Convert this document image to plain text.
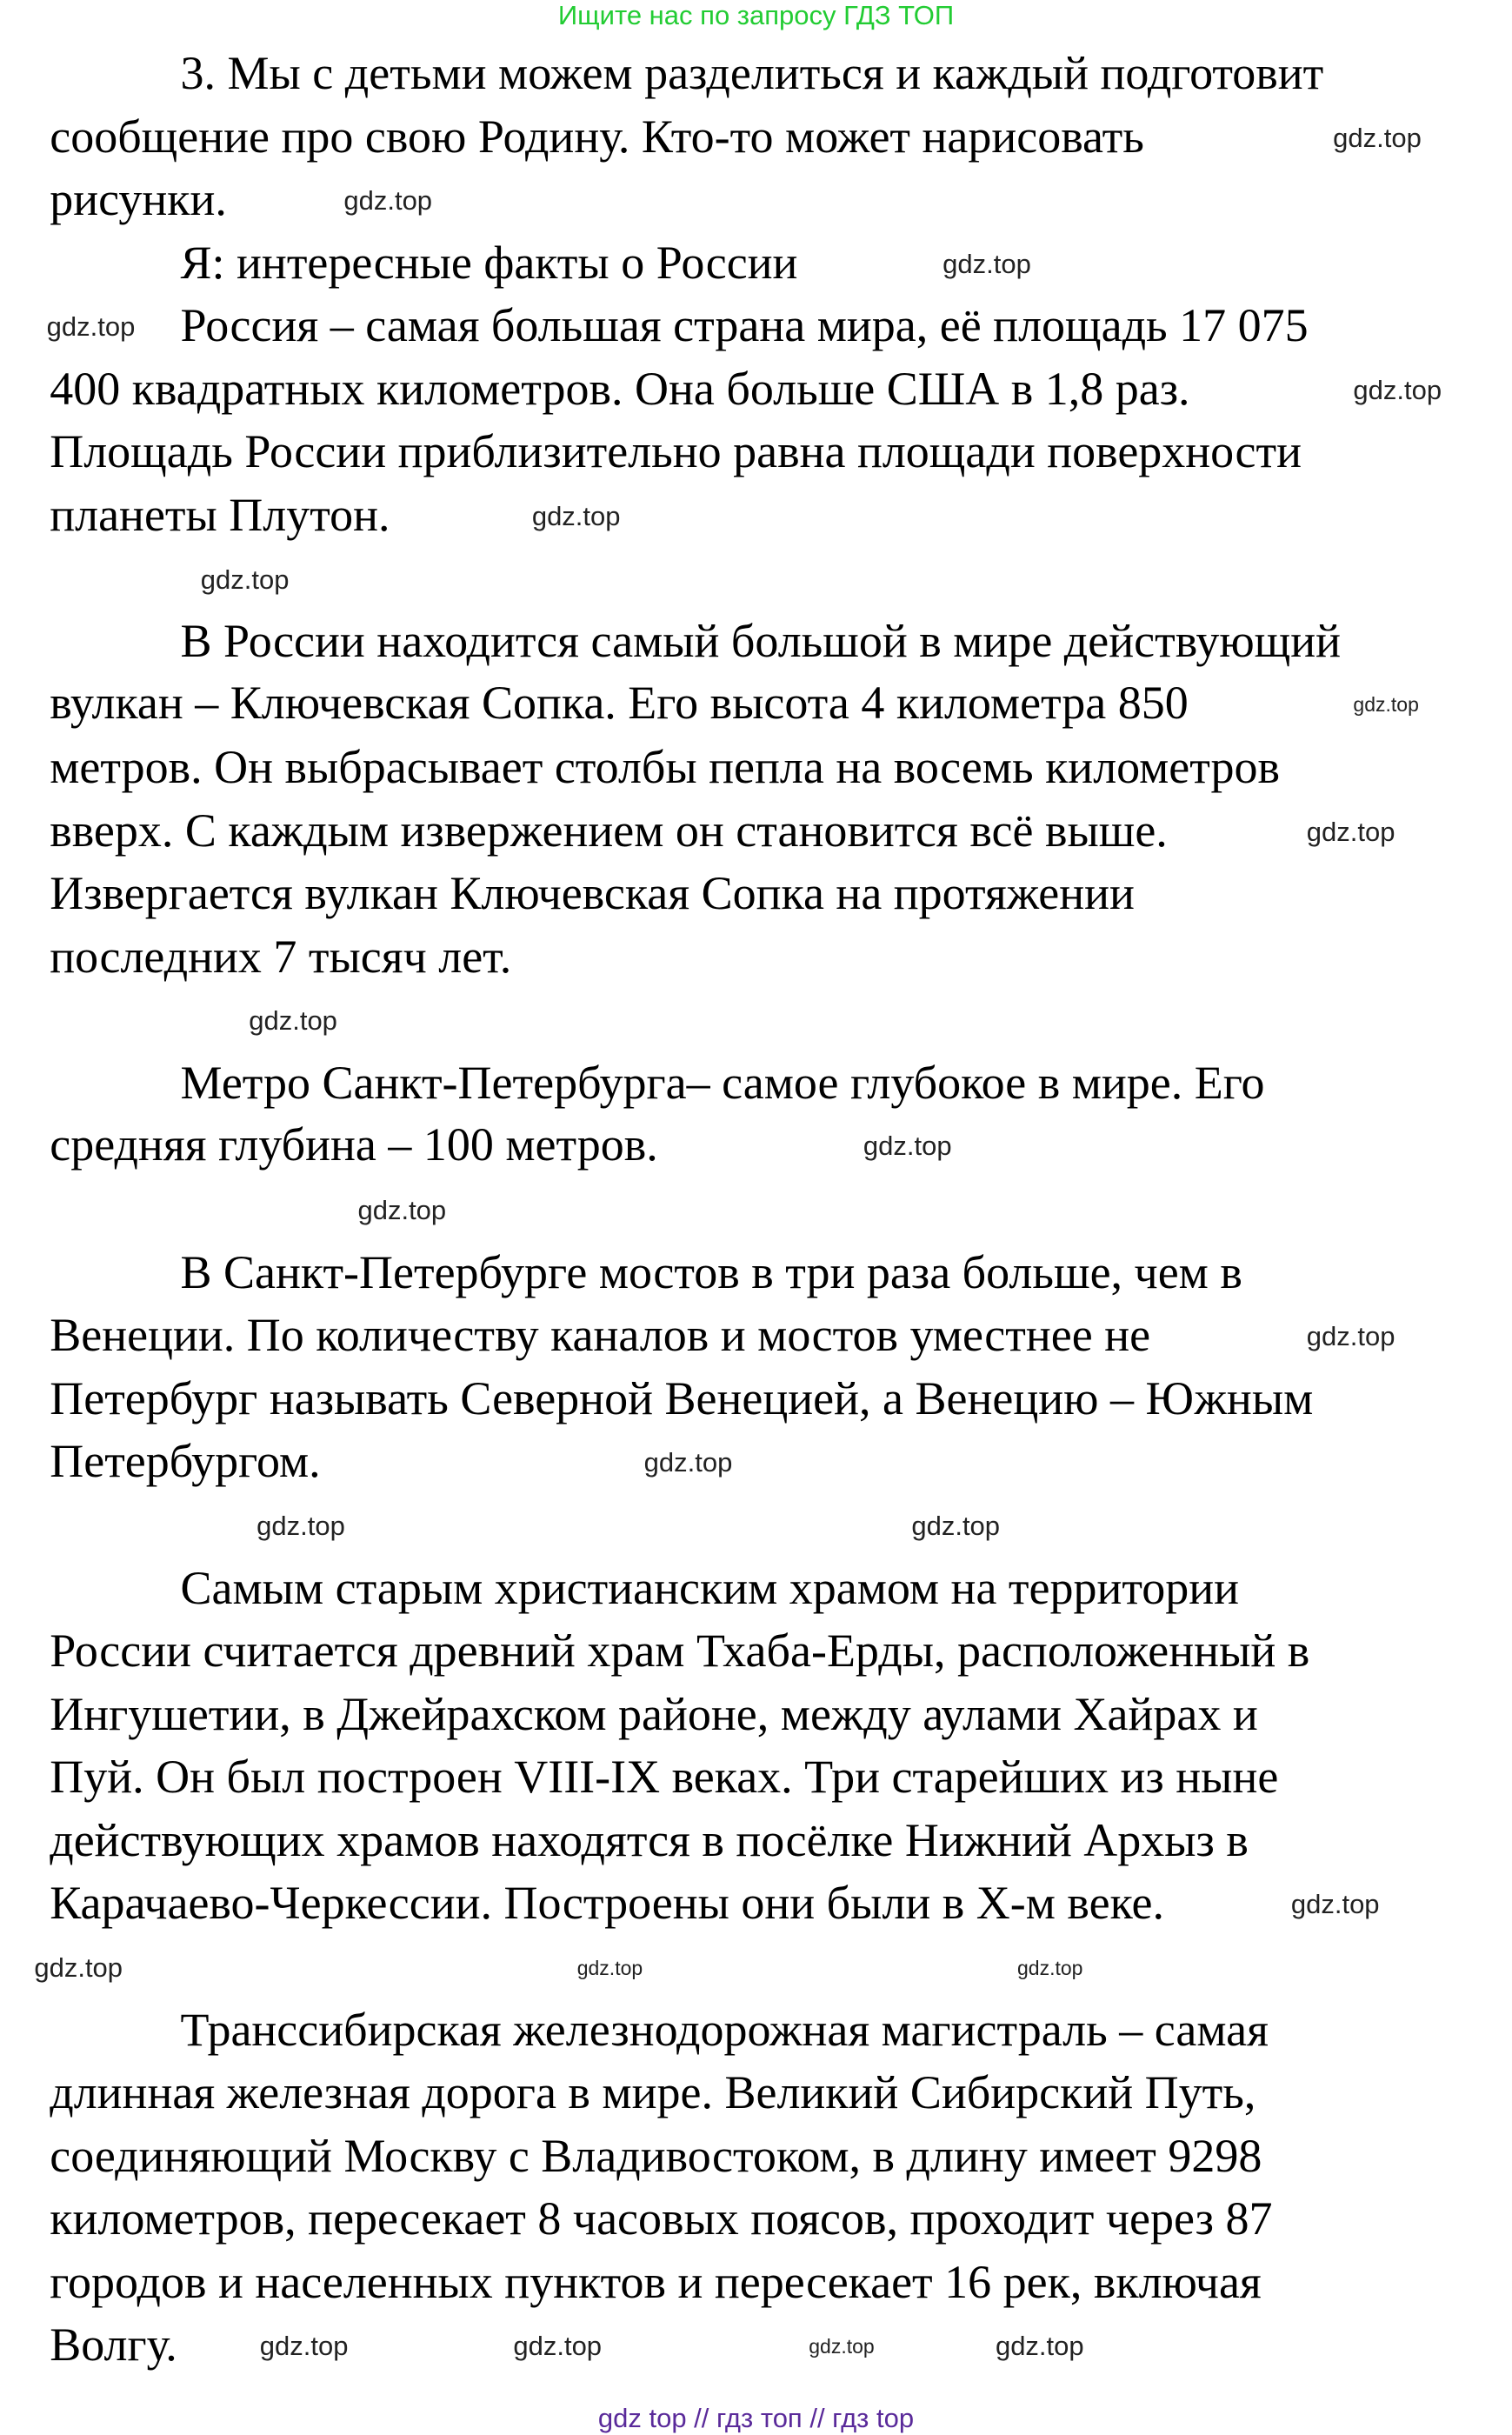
Ищите нас по запросу ГДЗ ТОП
3. Мы с детьми можем разделиться и каждый подготовит
сообщение про свою Родину. Кто-то может нарисовать
рисунки.
Я: интересные факты о России
Россия – самая большая страна мира, её площадь 17 075
400 квадратных километров. Она больше США в 1,8 раз.
Площадь России приблизительно равна площади поверхности
планеты Плутон.
В России находится самый большой в мире действующий
вулкан – Ключевская Сопка. Его высота 4 километра 850
метров. Он выбрасывает столбы пепла на восемь километров
вверх. С каждым извержением он становится всё выше.
Извергается вулкан Ключевская Сопка на протяжении
последних 7 тысяч лет.
Метро Санкт-Петербурга– самое глубокое в мире. Его
средняя глубина – 100 метров.
В Санкт-Петербурге мостов в три раза больше, чем в
Венеции. По количеству каналов и мостов уместнее не
Петербург называть Северной Венецией, а Венецию – Южным
Петербургом.
Самым старым христианским храмом на территории
России считается древний храм Тхаба-Ерды, расположенный в
Ингушетии, в Джейрахском районе, между аулами Хайрах и
Пуй. Он был построен VIII-IX веках. Три старейших из ныне
действующих храмов находятся в посёлке Нижний Архыз в
Карачаево-Черкессии. Построены они были в X-м веке.
Транссибирская железнодорожная магистраль – самая
длинная железная дорога в мире. Великий Сибирский Путь,
соединяющий Москву с Владивостоком, в длину имеет 9298
километров, пересекает 8 часовых поясов, проходит через 87
городов и населенных пунктов и пересекает 16 рек, включая
Волгу.
gdz.top
gdz.top
gdz.top
gdz.top
gdz.top
gdz.top
gdz.top
gdz.top
gdz.top
gdz.top
gdz.top
gdz.top
gdz.top
gdz.top
gdz.top	gdz.top
gdz.top
gdz.top
gdz.top	gdz.top
gdz.top	gdz.top
gdz.top
gdz.top
gdz top // гдз топ // гдз top
